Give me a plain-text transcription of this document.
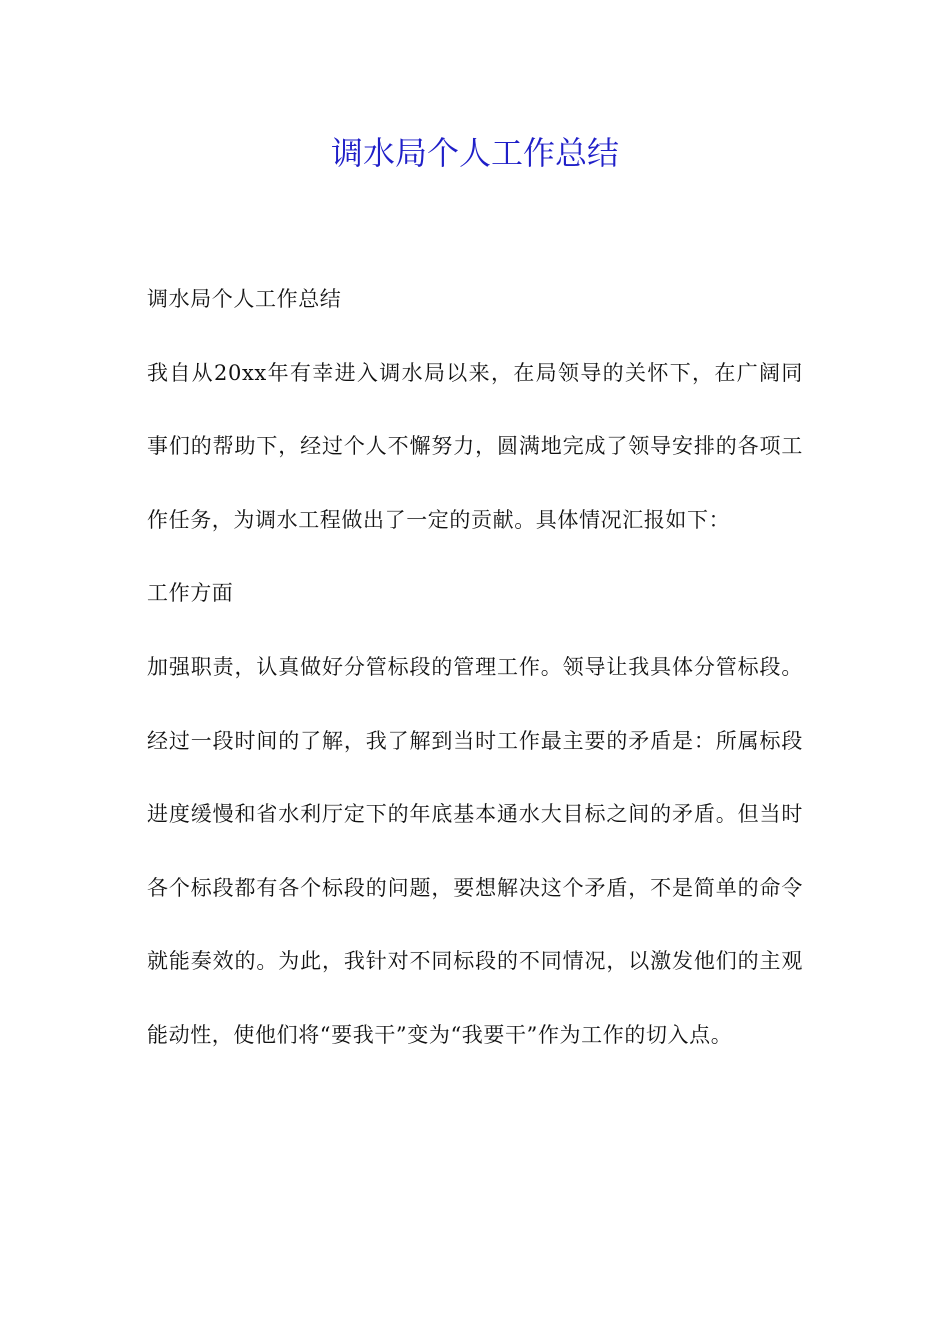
调水局个人工作总结

调水局个人工作总结

我自从20xx年有幸进入调水局以来，在局领导的关怀下，在广阔同事们的帮助下，经过个人不懈努力，圆满地完成了领导安排的各项工作任务，为调水工程做出了一定的贡献。具体情况汇报如下：

工作方面

加强职责，认真做好分管标段的管理工作。领导让我具体分管标段。经过一段时间的了解，我了解到当时工作最主要的矛盾是：所属标段进度缓慢和省水利厅定下的年底基本通水大目标之间的矛盾。但当时各个标段都有各个标段的问题，要想解决这个矛盾，不是简单的命令就能奏效的。为此，我针对不同标段的不同情况，以激发他们的主观能动性，使他们将“要我干”变为“我要干”作为工作的切入点。
